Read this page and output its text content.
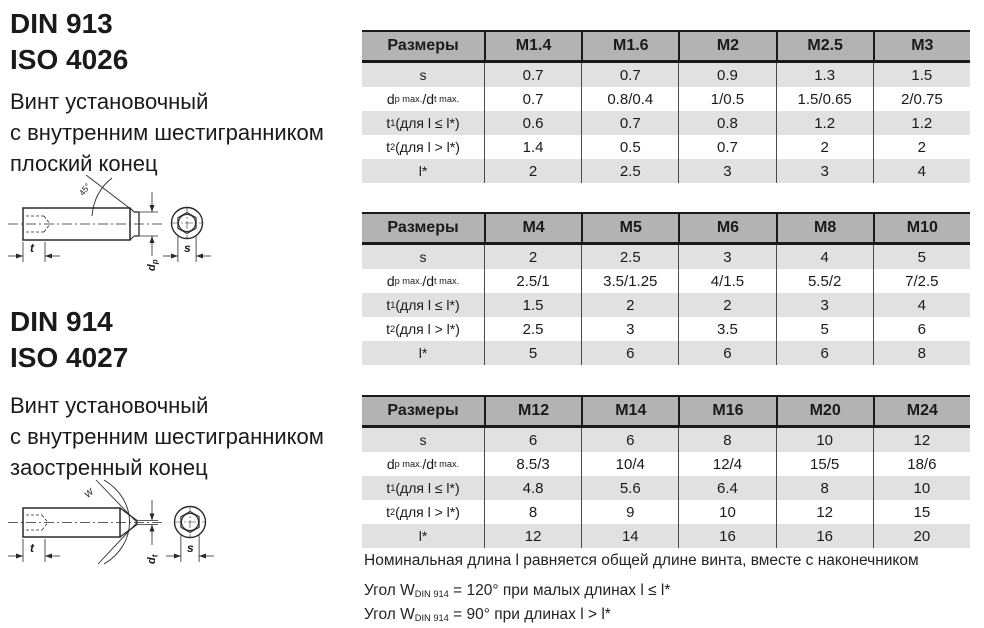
DIN 913
ISO 4026
Винт установочный
с внутренним шестигранником
плоский конец
45°
t
$d_p$
s
DIN 914
ISO 4027
Винт установочный
с внутренним шестигранником
заостренный конец
W
t
$d_t$
s
Размеры	M1.4	M1.6	M2	M2.5	M3
s	0.7	0.7	0.9	1.3	1.5
d p max. /d t max.	0.7	0.8/0.4	1/0.5	1.5/0.65	2/0.75
t 1 (для l ≤ l*)	0.6	0.7	0.8	1.2	1.2
t 2 (для l > l*)	1.4	0.5	0.7	2	2
l*	2	2.5	3	3	4
Размеры	M4	M5	M6	M8	M10
s	2	2.5	3	4	5
d p max. /d t max.	2.5/1	3.5/1.25	4/1.5	5.5/2	7/2.5
t 1 (для l ≤ l*)	1.5	2	2	3	4
t 2 (для l > l*)	2.5	3	3.5	5	6
l*	5	6	6	6	8
Размеры	M12	M14	M16	M20	M24
s	6	6	8	10	12
d p max. /d t max.	8.5/3	10/4	12/4	15/5	18/6
t 1 (для l ≤ l*)	4.8	5.6	6.4	8	10
t 2 (для l > l*)	8	9	10	12	15
l*	12	14	16	16	20
Номинальная длина l равняется общей длине винта, вместе с наконечником
Угол $W_{DIN 914} = 120^\circ$ при малых длинах l ≤ l*
Угол $W_{DIN 914} = 90^\circ$ при длинах l > l*
